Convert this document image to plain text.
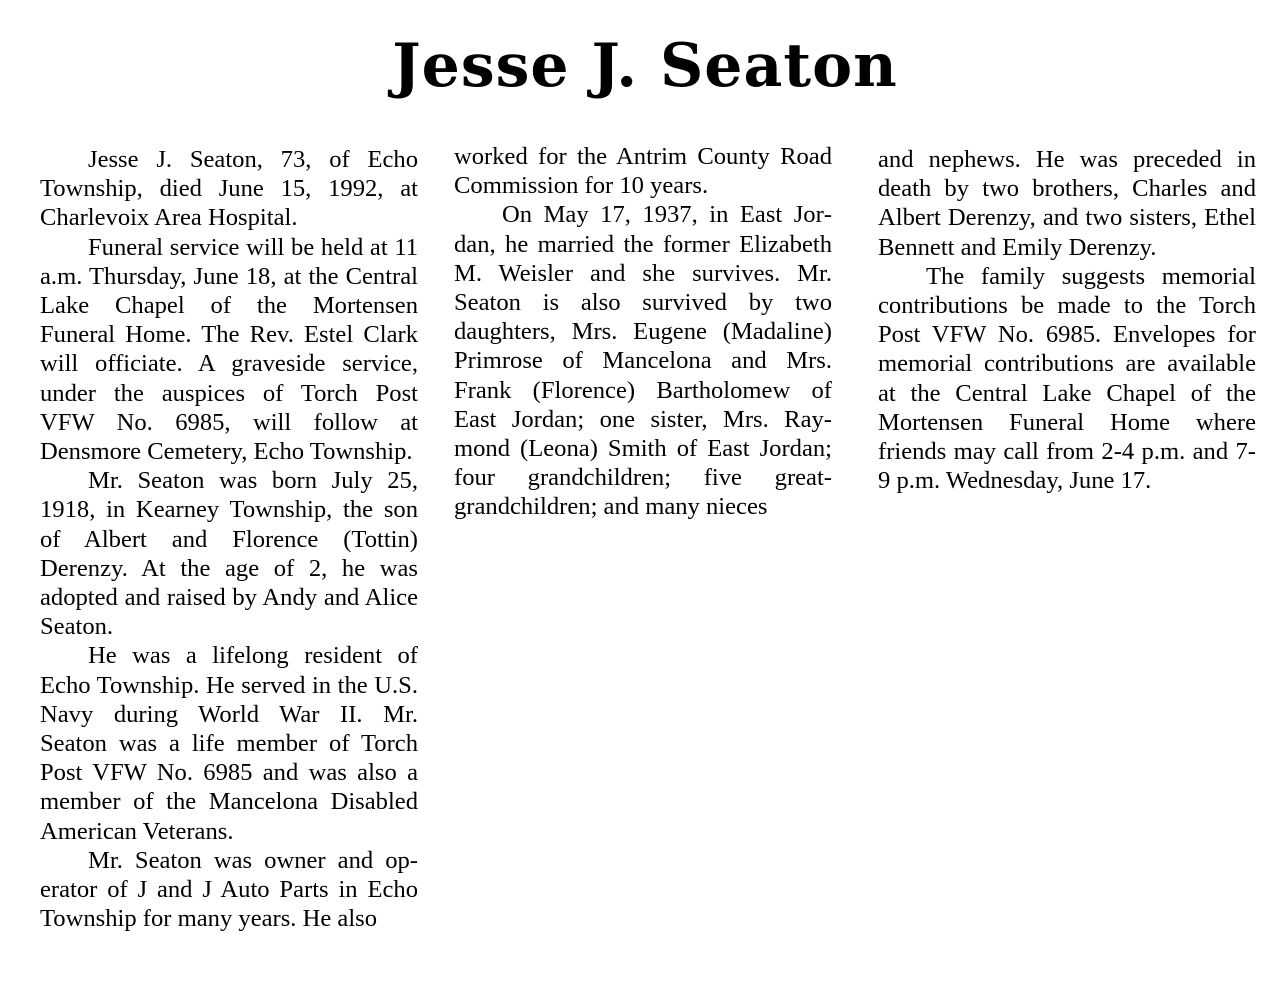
Jesse J. Seaton

Jesse J. Seaton, 73, of Echo Township, died June 15, 1992, at Charlevoix Area Hospital.

Funeral service will be held at 11 a.m. Thursday, June 18, at the Central Lake Chapel of the Mortensen Funeral Home. The Rev. Estel Clark will officiate. A graveside service, under the auspices of Torch Post VFW No. 6985, will follow at Densmore Cemetery, Echo Township.

Mr. Seaton was born July 25, 1918, in Kearney Township, the son of Albert and Florence (Tottin) Derenzy. At the age of 2, he was adopted and raised by Andy and Alice Seaton.

He was a lifelong resident of Echo Township. He served in the U.S. Navy during World War II. Mr. Seaton was a life member of Torch Post VFW No. 6985 and was also a member of the Mancelona Disabled American Veterans.

Mr. Seaton was owner and operator of J and J Auto Parts in Echo Township for many years. He also

worked for the Antrim County Road Commission for 10 years.

On May 17, 1937, in East Jordan, he married the former Elizabeth M. Weisler and she survives. Mr. Seaton is also survived by two daughters, Mrs. Eugene (Madaline) Primrose of Mancelona and Mrs. Frank (Florence) Bartholomew of East Jordan; one sister, Mrs. Raymond (Leona) Smith of East Jordan; four grandchildren; five great-grandchildren; and many nieces

and nephews. He was preceded in death by two brothers, Charles and Albert Derenzy, and two sisters, Ethel Bennett and Emily Derenzy.

The family suggests memorial contributions be made to the Torch Post VFW No. 6985. Envelopes for memorial contributions are available at the Central Lake Chapel of the Mortensen Funeral Home where friends may call from 2-4 p.m. and 7-9 p.m. Wednesday, June 17.
